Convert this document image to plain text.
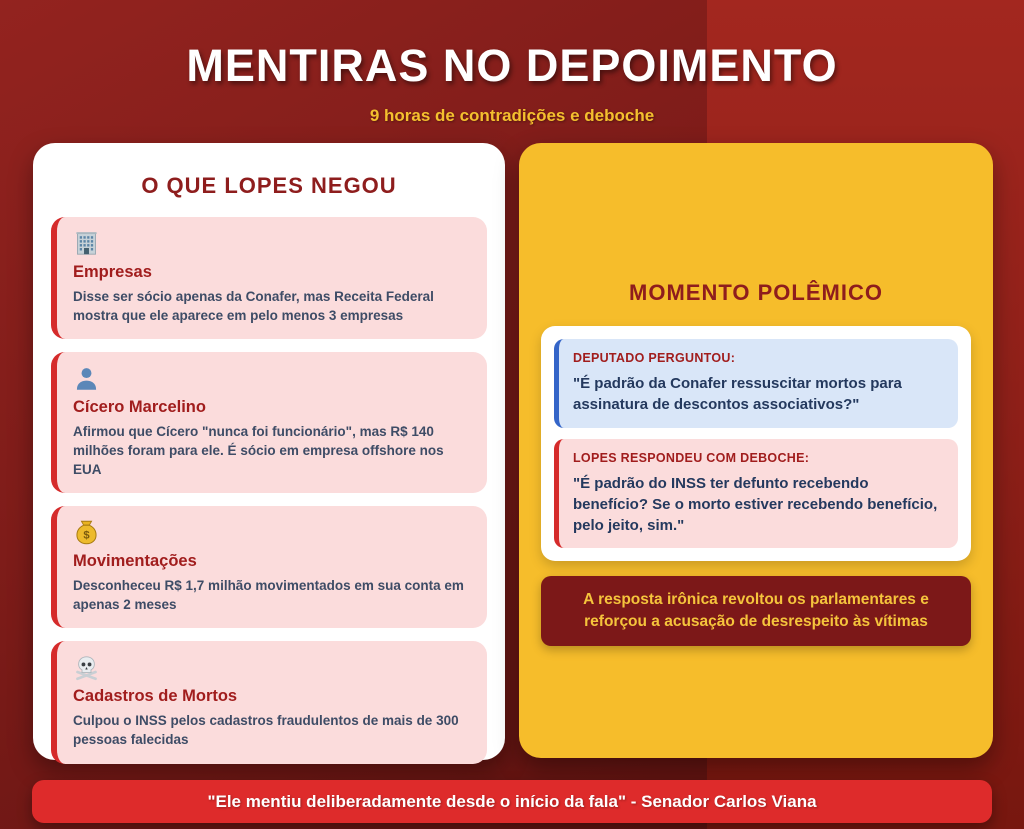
MENTIRAS NO DEPOIMENTO
9 horas de contradições e deboche
O QUE LOPES NEGOU
Empresas
Disse ser sócio apenas da Conafer, mas Receita Federal mostra que ele aparece em pelo menos 3 empresas
Cícero Marcelino
Afirmou que Cícero "nunca foi funcionário", mas R$ 140 milhões foram para ele. É sócio em empresa offshore nos EUA
$
Movimentações
Desconheceu R$ 1,7 milhão movimentados em sua conta em apenas 2 meses
Cadastros de Mortos
Culpou o INSS pelos cadastros fraudulentos de mais de 300 pessoas falecidas
MOMENTO POLÊMICO
DEPUTADO PERGUNTOU:
"É padrão da Conafer ressuscitar mortos para assinatura de descontos associativos?"
LOPES RESPONDEU COM DEBOCHE:
"É padrão do INSS ter defunto recebendo benefício? Se o morto estiver recebendo benefício, pelo jeito, sim."
A resposta irônica revoltou os parlamentares e reforçou a acusação de desrespeito às vítimas
"Ele mentiu deliberadamente desde o início da fala" - Senador Carlos Viana
